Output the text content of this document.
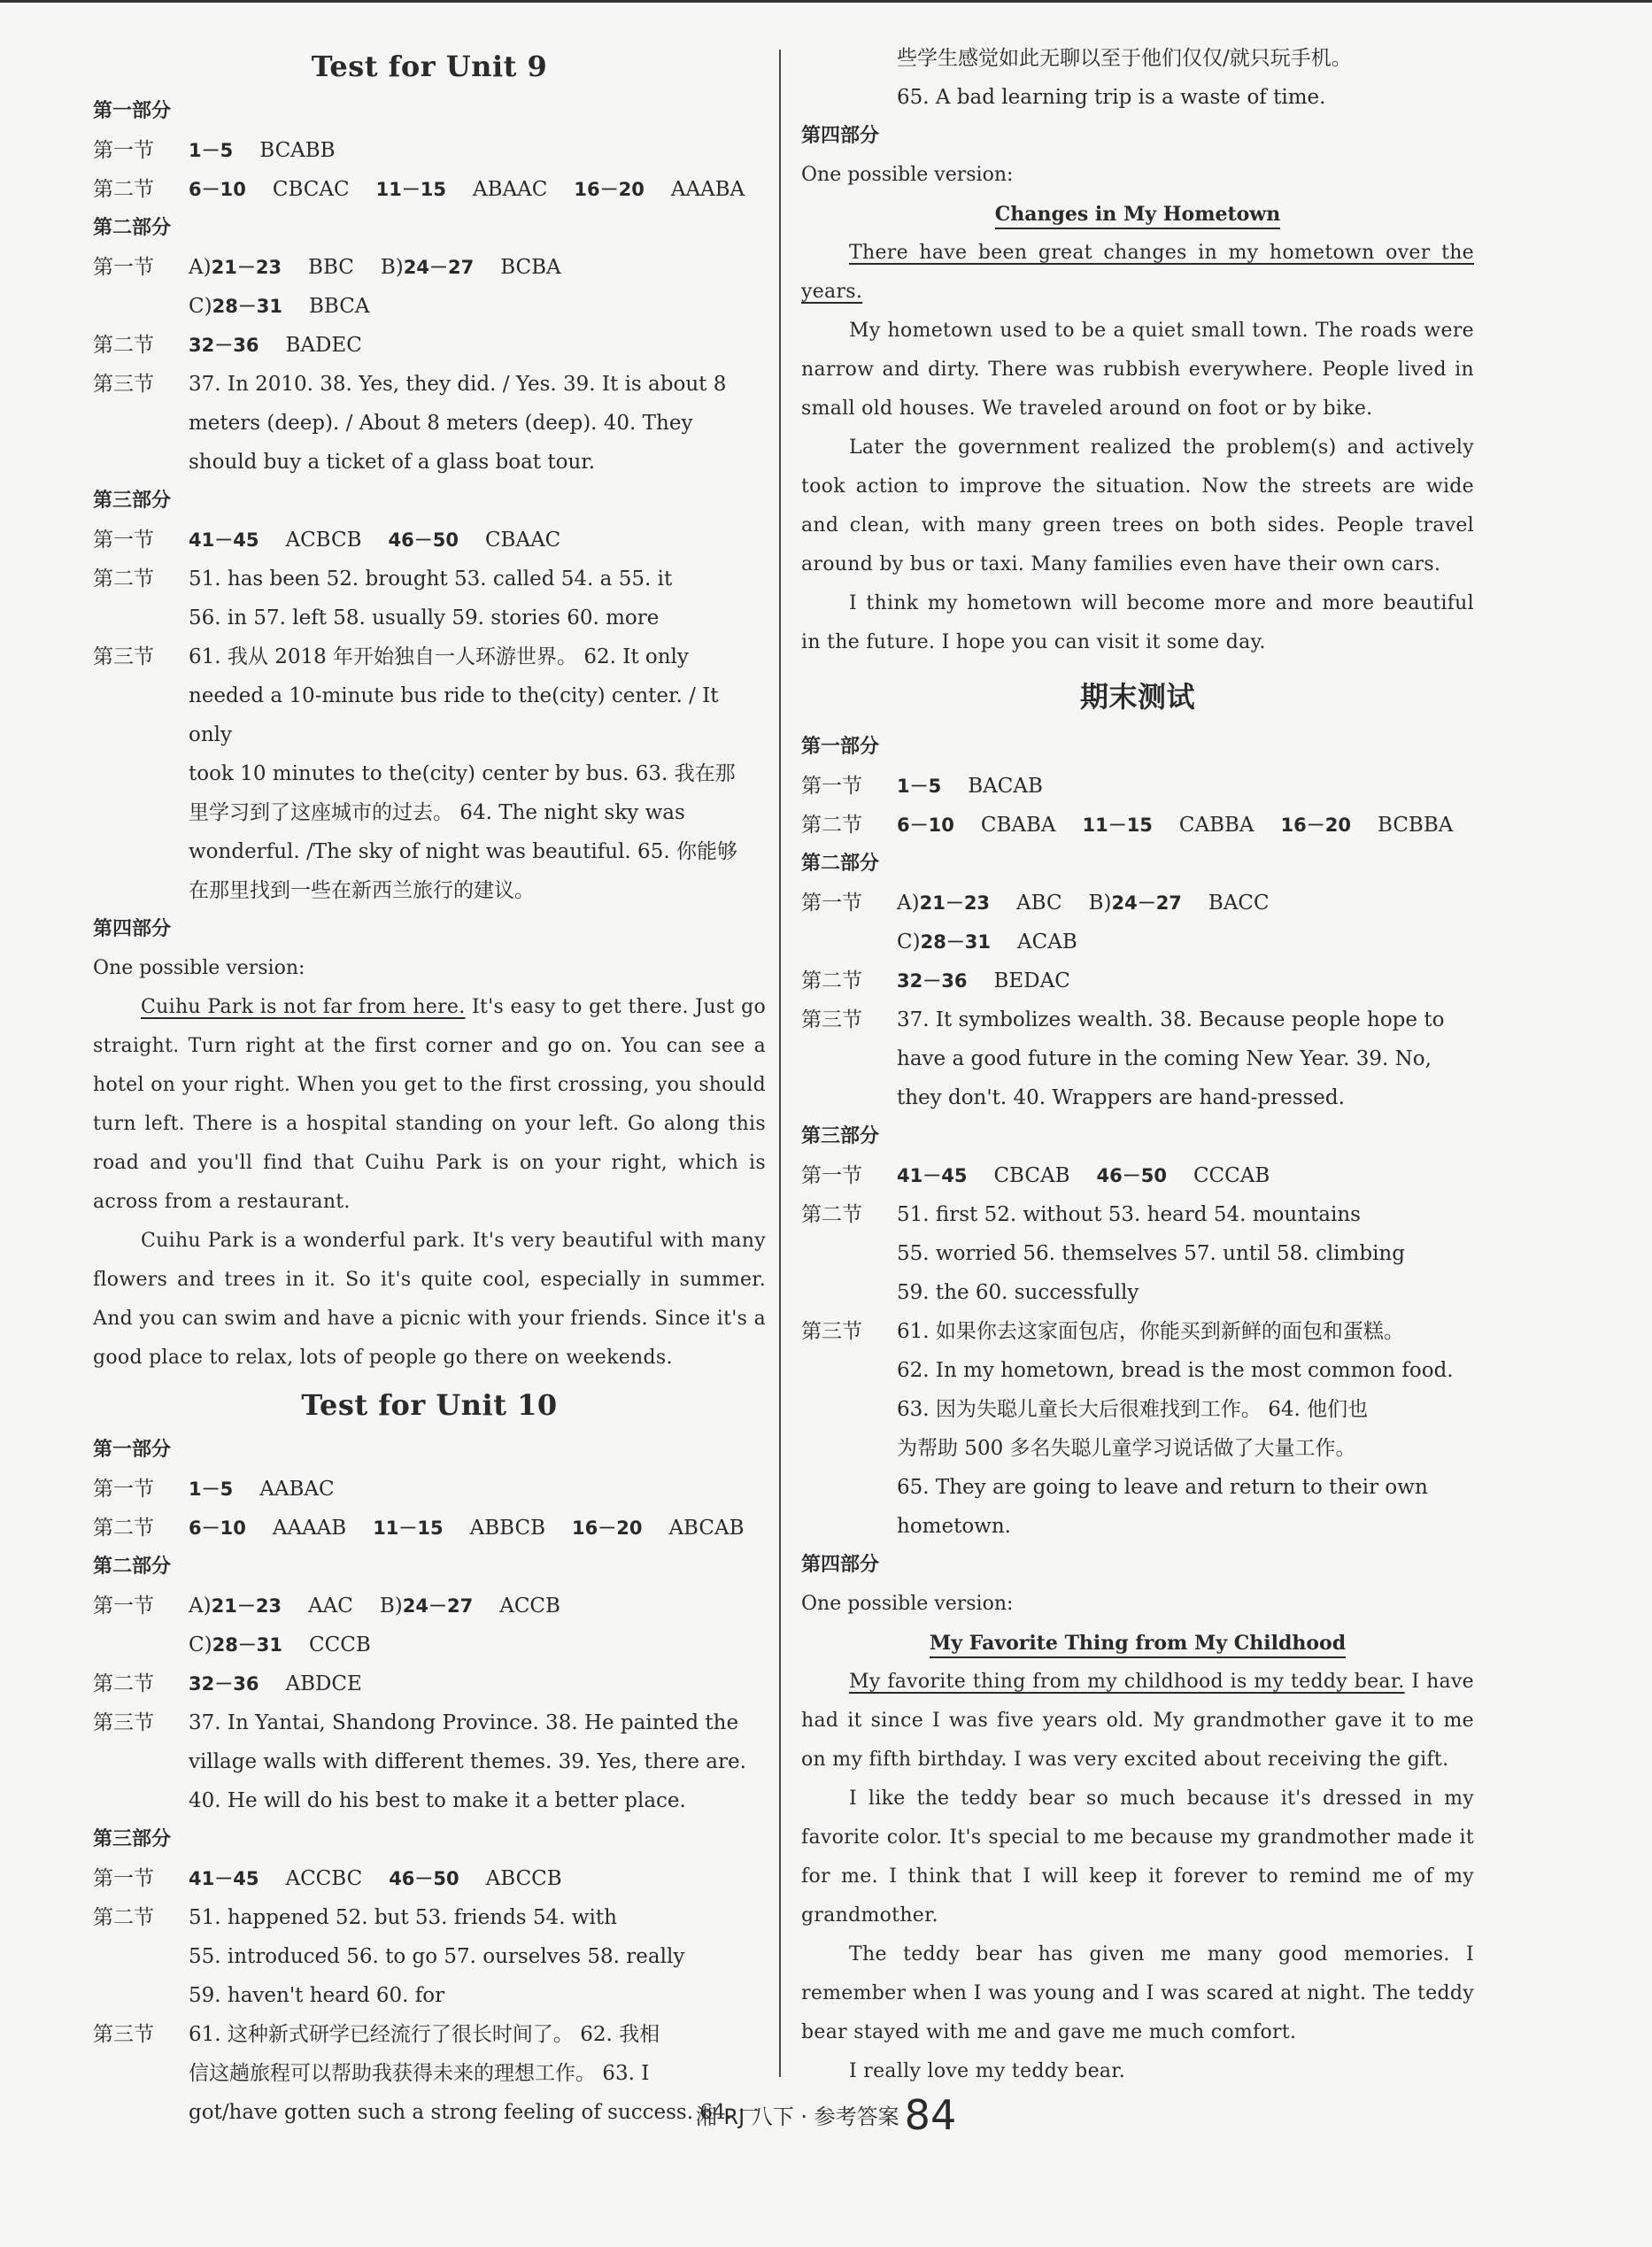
Test for Unit 9
第一部分
第一节	1－5 BCABB
第二节	6－10 CBCAC 11－15 ABAAC 16－20 AAABA
第二部分
第一节	A)21－23 BBC B)24－27 BCBA
C)28－31 BBCA
第二节	32－36 BADEC
第三节	37. In 2010. 38. Yes, they did. / Yes. 39. It is about 8
meters (deep). / About 8 meters (deep). 40. They
should buy a ticket of a glass boat tour.
第三部分
第一节	41－45 ACBCB 46－50 CBAAC
第二节	51. has been 52. brought 53. called 54. a 55. it
56. in 57. left 58. usually 59. stories 60. more
第三节	61. 我从 2018 年开始独自一人环游世界。 62. It only
needed a 10-minute bus ride to the(city) center. / It only
took 10 minutes to the(city) center by bus. 63. 我在那
里学习到了这座城市的过去。 64. The night sky was
wonderful. /The sky of night was beautiful. 65. 你能够
在那里找到一些在新西兰旅行的建议。
第四部分
One possible version:

Cuihu Park is not far from here. It's easy to get there. Just go straight. Turn right at the first corner and go on. You can see a hotel on your right. When you get to the first crossing, you should turn left. There is a hospital standing on your left. Go along this road and you'll find that Cuihu Park is on your right, which is across from a restaurant.

Cuihu Park is a wonderful park. It's very beautiful with many flowers and trees in it. So it's quite cool, especially in summer. And you can swim and have a picnic with your friends. Since it's a good place to relax, lots of people go there on weekends.

Test for Unit 10
第一部分
第一节	1－5 AABAC
第二节	6－10 AAAAB 11－15 ABBCB 16－20 ABCAB
第二部分
第一节	A)21－23 AAC B)24－27 ACCB
C)28－31 CCCB
第二节	32－36 ABDCE
第三节	37. In Yantai, Shandong Province. 38. He painted the
village walls with different themes. 39. Yes, there are.
40. He will do his best to make it a better place.
第三部分
第一节	41－45 ACCBC 46－50 ABCCB
第二节	51. happened 52. but 53. friends 54. with
55. introduced 56. to go 57. ourselves 58. really
59. haven't heard 60. for
第三节	61. 这种新式研学已经流行了很长时间了。 62. 我相
信这趟旅程可以帮助我获得未来的理想工作。 63. I
got/have gotten such a strong feeling of success. 64. 一
些学生感觉如此无聊以至于他们仅仅/就只玩手机。
65. A bad learning trip is a waste of time.
第四部分
One possible version:
Changes in My Hometown

There have been great changes in my hometown over the years.

My hometown used to be a quiet small town. The roads were narrow and dirty. There was rubbish everywhere. People lived in small old houses. We traveled around on foot or by bike.

Later the government realized the problem(s) and actively took action to improve the situation. Now the streets are wide and clean, with many green trees on both sides. People travel around by bus or taxi. Many families even have their own cars.

I think my hometown will become more and more beautiful in the future. I hope you can visit it some day.

期末测试
第一部分
第一节	1－5 BACAB
第二节	6－10 CBABA 11－15 CABBA 16－20 BCBBA
第二部分
第一节	A)21－23 ABC B)24－27 BACC
C)28－31 ACAB
第二节	32－36 BEDAC
第三节	37. It symbolizes wealth. 38. Because people hope to
have a good future in the coming New Year. 39. No,
they don't. 40. Wrappers are hand-pressed.
第三部分
第一节	41－45 CBCAB 46－50 CCCAB
第二节	51. first 52. without 53. heard 54. mountains
55. worried 56. themselves 57. until 58. climbing
59. the 60. successfully
第三节	61. 如果你去这家面包店，你能买到新鲜的面包和蛋糕。
62. In my hometown, bread is the most common food.
63. 因为失聪儿童长大后很难找到工作。 64. 他们也
为帮助 500 多名失聪儿童学习说话做了大量工作。
65. They are going to leave and return to their own
hometown.
第四部分
One possible version:
My Favorite Thing from My Childhood

My favorite thing from my childhood is my teddy bear. I have had it since I was five years old. My grandmother gave it to me on my fifth birthday. I was very excited about receiving the gift.

I like the teddy bear so much because it's dressed in my favorite color. It's special to me because my grandmother made it for me. I think that I will keep it forever to remind me of my grandmother.

The teddy bear has given me many good memories. I remember when I was young and I was scared at night. The teddy bear stayed with me and gave me much comfort.

I really love my teddy bear.

湘 RJ 八下 · 参考答案 84
